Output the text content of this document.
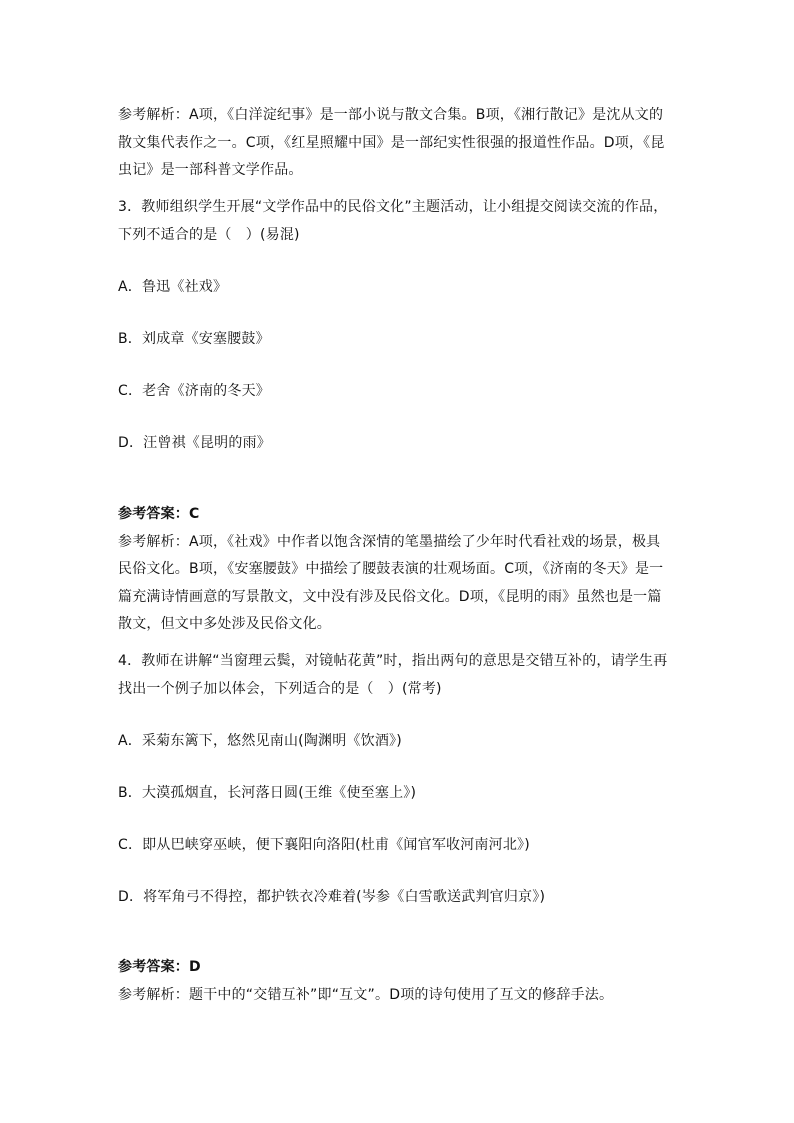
参考解析：A项，《白洋淀纪事》是一部小说与散文合集。B项，《湘行散记》是沈从文的
散文集代表作之一。C项，《红星照耀中国》是一部纪实性很强的报道性作品。D项，《昆
虫记》是一部科普文学作品。
3．教师组织学生开展“文学作品中的民俗文化”主题活动，让小组提交阅读交流的作品，
下列不适合的是（　）(易混)
A．鲁迅《社戏》
B．刘成章《安塞腰鼓》
C．老舍《济南的冬天》
D．汪曾祺《昆明的雨》
参考答案：C
参考解析：A项，《社戏》中作者以饱含深情的笔墨描绘了少年时代看社戏的场景，极具
民俗文化。B项，《安塞腰鼓》中描绘了腰鼓表演的壮观场面。C项，《济南的冬天》是一
篇充满诗情画意的写景散文，文中没有涉及民俗文化。D项，《昆明的雨》虽然也是一篇
散文，但文中多处涉及民俗文化。
4．教师在讲解“当窗理云鬓，对镜帖花黄”时，指出两句的意思是交错互补的，请学生再
找出一个例子加以体会，下列适合的是（　）(常考)
A．采菊东篱下，悠然见南山(陶渊明《饮酒》)
B．大漠孤烟直，长河落日圆(王维《使至塞上》)
C．即从巴峡穿巫峡，便下襄阳向洛阳(杜甫《闻官军收河南河北》)
D．将军角弓不得控，都护铁衣冷难着(岑参《白雪歌送武判官归京》)
参考答案：D
参考解析：题干中的“交错互补”即“互文”。D项的诗句使用了互文的修辞手法。
